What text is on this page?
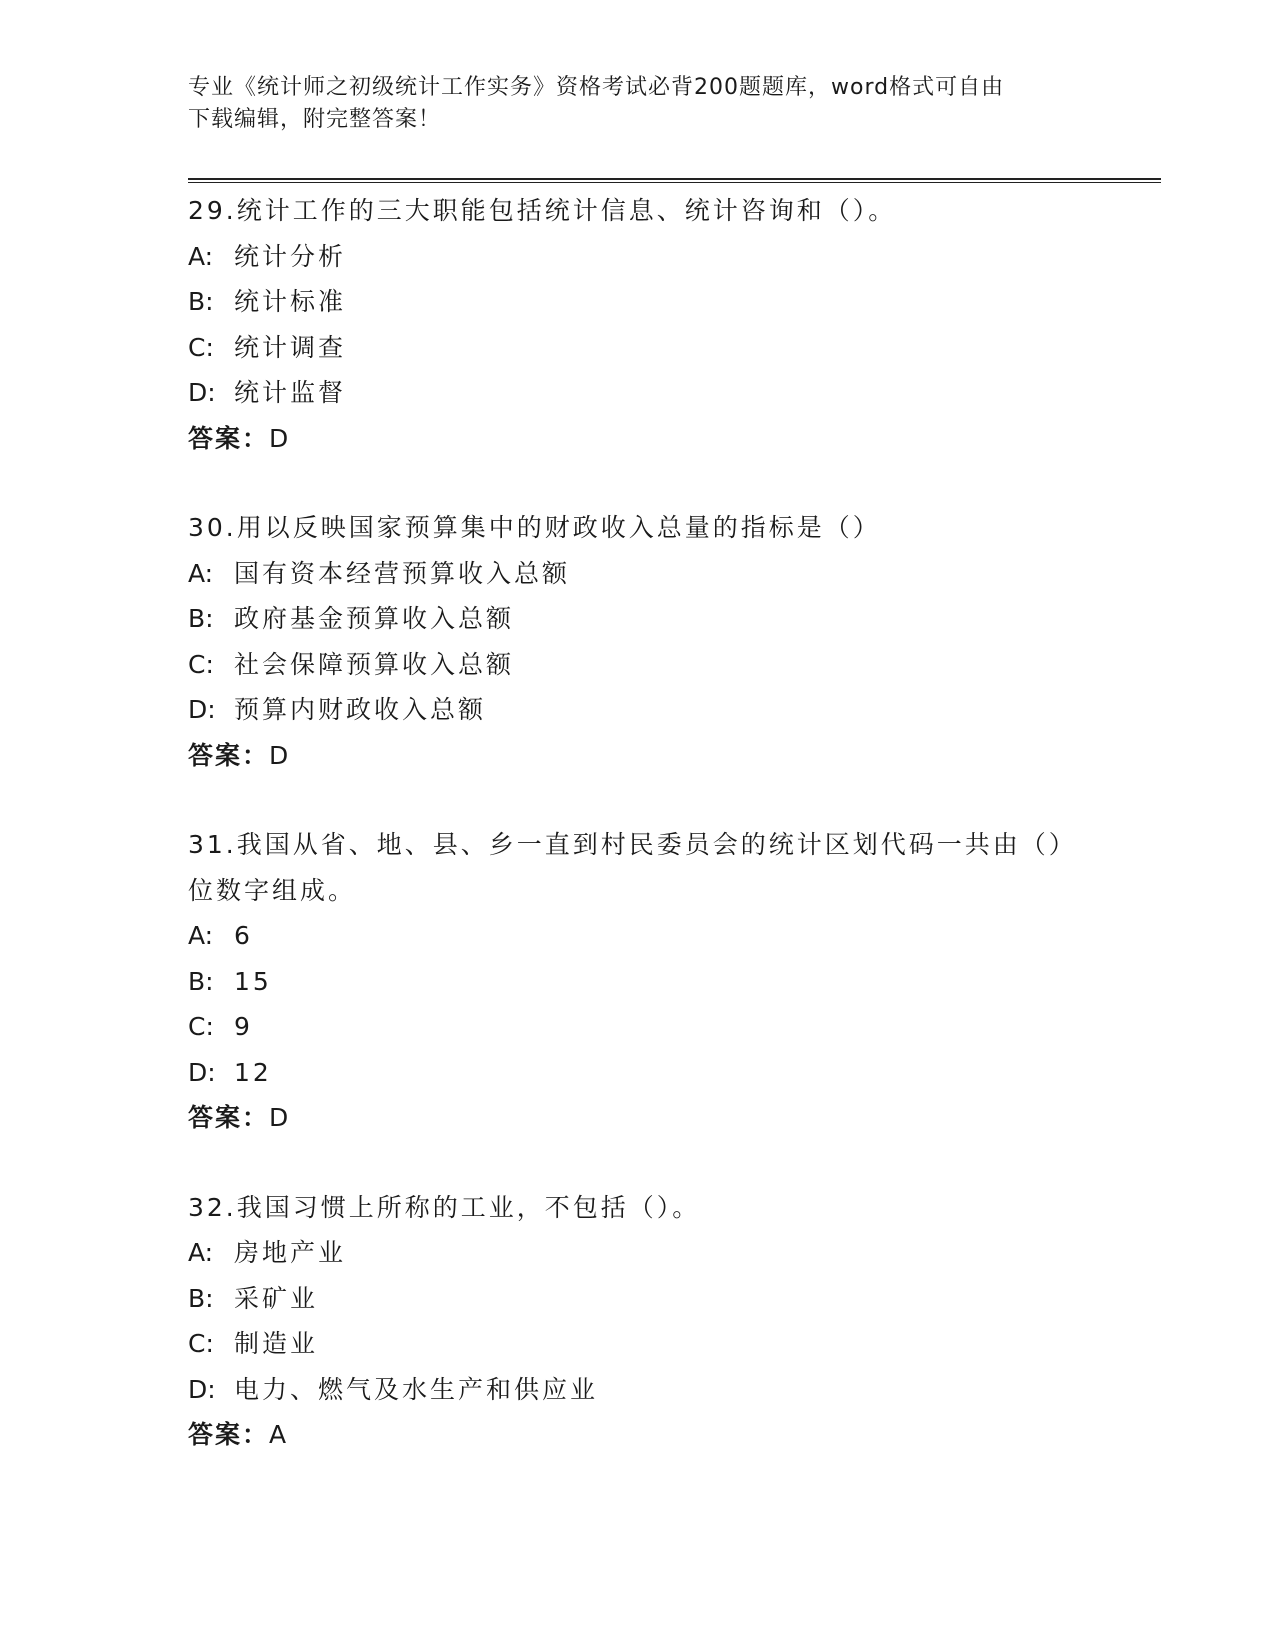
专业《统计师之初级统计工作实务》资格考试必背200题题库，word格式可自由
下载编辑，附完整答案！
29.统计工作的三大职能包括统计信息、统计咨询和（）。
A: 统计分析
B: 统计标准
C: 统计调查
D: 统计监督
答案：D
30.用以反映国家预算集中的财政收入总量的指标是（）
A: 国有资本经营预算收入总额
B: 政府基金预算收入总额
C: 社会保障预算收入总额
D: 预算内财政收入总额
答案：D
31.我国从省、地、县、乡一直到村民委员会的统计区划代码一共由（）位数字组成。
A: 6
B: 15
C: 9
D: 12
答案：D
32.我国习惯上所称的工业，不包括（）。
A: 房地产业
B: 采矿业
C: 制造业
D: 电力、燃气及水生产和供应业
答案：A
